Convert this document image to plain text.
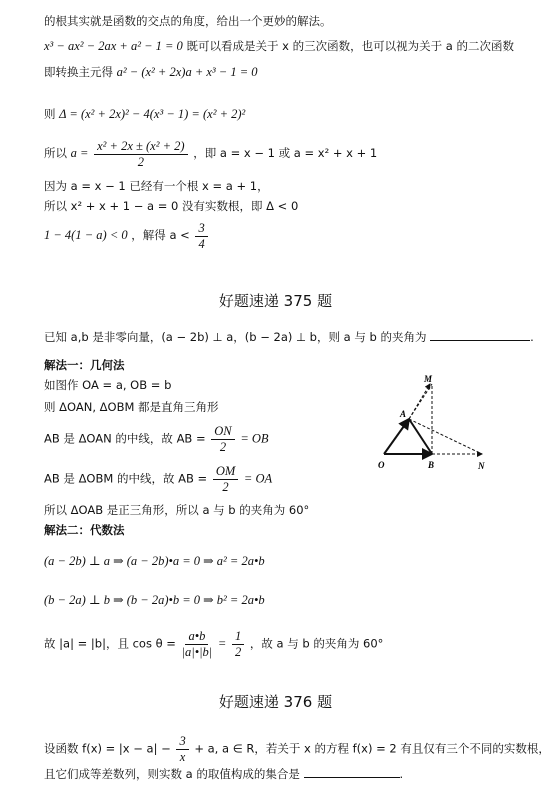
的根其实就是函数的交点的角度，给出一个更妙的解法。
x³ − ax² − 2ax + a² − 1 = 0 既可以看成是关于 x 的三次函数，也可以视为关于 a 的二次函数
即转换主元得 a² − (x² + 2x)a + x³ − 1 = 0
则 Δ = (x² + 2x)² − 4(x³ − 1) = (x² + 2)²
所以 $a = \frac{\text{x² + 2x ± (x² + 2)}}{2}$ ，即 a = x − 1 或 a = x² + x + 1
因为 a = x − 1 已经有一个根 x = a + 1，
所以 x² + x + 1 − a = 0 没有实数根，即 Δ < 0
1 − 4(1 − a) < 0 ，解得 $a < \frac{3}{4}$
好题速递 375 题
已知 a,b 是非零向量，(a − 2b) ⊥ a，(b − 2a) ⊥ b，则 a 与 b 的夹角为	.
解法一：几何法
如图作 OA = a, OB = b
则 ΔOAN, ΔOBM 都是直角三角形
AB 是 ΔOAN 的中线，故 AB = $\frac{ON}{2}$ = OB
AB 是 ΔOBM 的中线，故 AB = $\frac{OM}{2}$ = OA
所以 ΔOAB 是正三角形，所以 a 与 b 的夹角为 60°
解法二：代数法
(a − 2b) ⊥ a ⇒ (a − 2b)•a = 0 ⇒ a² = 2a•b
(b − 2a) ⊥ b ⇒ (b − 2a)•b = 0 ⇒ b² = 2a•b
故 |a| = |b|，且 $\cos \theta = \frac{a•b}{|a|•|b|} = \frac{1}{2}$ ，故 a 与 b 的夹角为 60°
M
A
O	B	N
好题速递 376 题
设函数 $f(x) = |x - a| - \frac{3}{x} + a$, a ∈ R，若关于 x 的方程 f(x) = 2 有且仅有三个不同的实数根，
且它们成等差数列，则实数 a 的取值构成的集合是	.
